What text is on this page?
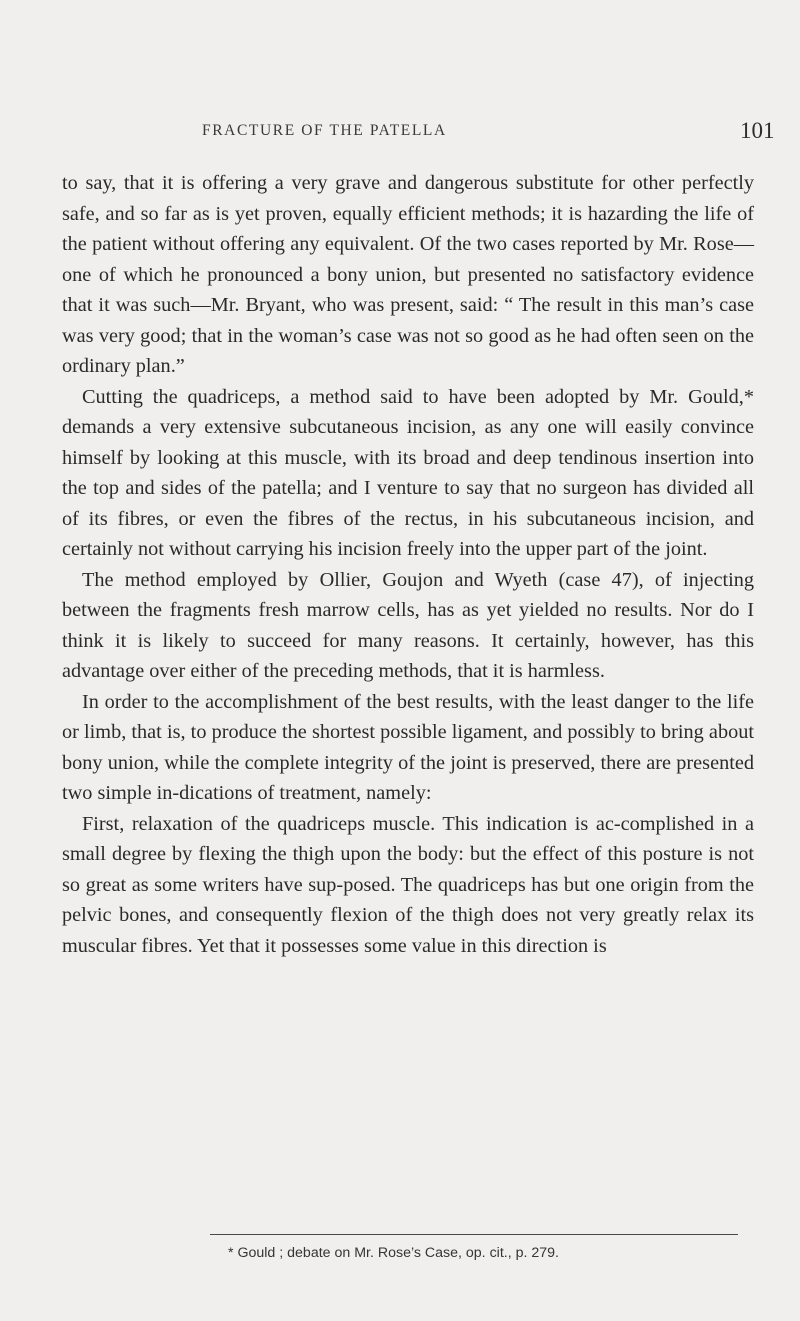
FRACTURE OF THE PATELLA	101

to say, that it is offering a very grave and dangerous substitute for other perfectly safe, and so far as is yet proven, equally efficient methods; it is hazarding the life of the patient without offering any equivalent. Of the two cases reported by Mr. Rose—one of which he pronounced a bony union, but presented no satisfactory evidence that it was such—Mr. Bryant, who was present, said: “ The result in this man’s case was very good; that in the woman’s case was not so good as he had often seen on the ordinary plan.”

Cutting the quadriceps, a method said to have been adopted by Mr. Gould,* demands a very extensive subcutaneous incision, as any one will easily convince himself by looking at this muscle, with its broad and deep tendinous insertion into the top and sides of the patella; and I venture to say that no surgeon has divided all of its fibres, or even the fibres of the rectus, in his subcutaneous incision, and certainly not without carrying his incision freely into the upper part of the joint.

The method employed by Ollier, Goujon and Wyeth (case 47), of injecting between the fragments fresh marrow cells, has as yet yielded no results. Nor do I think it is likely to succeed for many reasons. It certainly, however, has this advantage over either of the preceding methods, that it is harmless.

In order to the accomplishment of the best results, with the least danger to the life or limb, that is, to produce the shortest possible ligament, and possibly to bring about bony union, while the complete integrity of the joint is preserved, there are presented two simple in-dications of treatment, namely:

First, relaxation of the quadriceps muscle. This indication is ac-complished in a small degree by flexing the thigh upon the body: but the effect of this posture is not so great as some writers have sup-posed. The quadriceps has but one origin from the pelvic bones, and consequently flexion of the thigh does not very greatly relax its muscular fibres. Yet that it possesses some value in this direction is

* Gould ; debate on Mr. Rose’s Case, op. cit., p. 279.
